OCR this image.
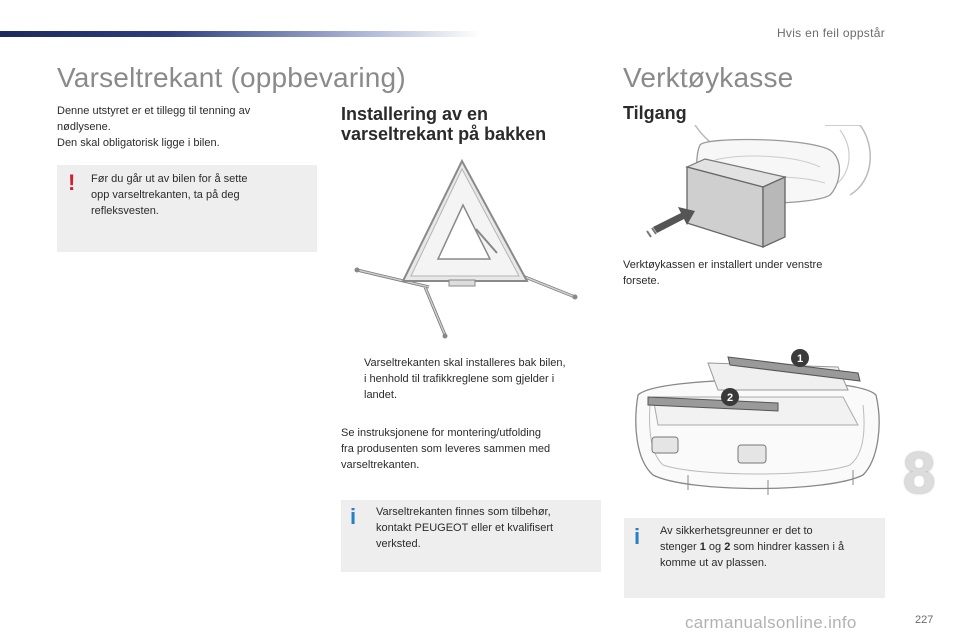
Hvis en feil oppstår
Varseltrekant (oppbevaring)
Denne utstyret er et tillegg til tenning av
nødlysene.
Den skal obligatorisk ligge i bilen.
! Før du går ut av bilen for å sette
opp varseltrekanten, ta på deg
refleksvesten.
Installering av en
varseltrekant på bakken
Varseltrekanten skal installeres bak bilen,
i henhold til trafikkreglene som gjelder i
landet.
Se instruksjonene for montering/utfolding
fra produsenten som leveres sammen med
varseltrekanten.
i Varseltrekanten finnes som tilbehør,
kontakt PEUGEOT eller et kvalifisert
verksted.
Verktøykasse
Tilgang
Verktøykassen er installert under venstre
forsete.
1
2
i Av sikkerhetsgreunner er det to
stenger 1 og 2 som hindrer kassen i å
komme ut av plassen.
8
227
carmanualsonline.info
